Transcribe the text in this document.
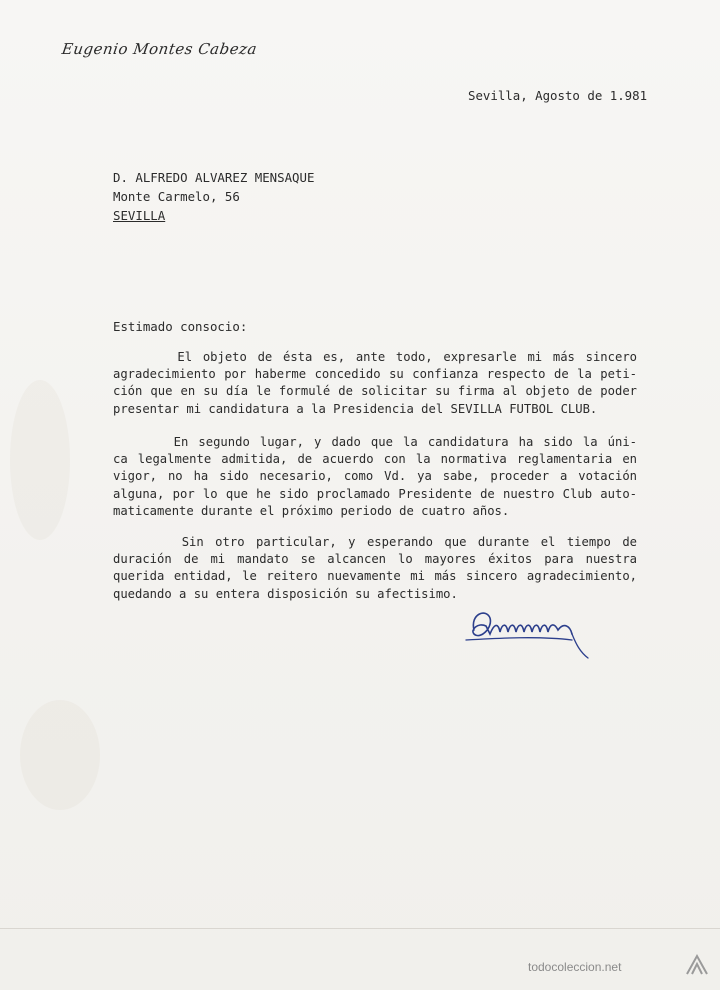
Eugenio Montes Cabeza
Sevilla, Agosto de 1.981
D. ALFREDO ALVAREZ MENSAQUE
Monte Carmelo, 56
SEVILLA
Estimado consocio:
El objeto de ésta es, ante todo, expresarle mi más sincero
agradecimiento por haberme concedido su confianza respecto de la peti-
ción que en su día le formulé de solicitar su firma al objeto de poder
presentar mi candidatura a la Presidencia del SEVILLA FUTBOL CLUB.
En segundo lugar, y dado que la candidatura ha sido la úni-
ca legalmente admitida, de acuerdo con la normativa reglamentaria en
vigor, no ha sido necesario, como Vd. ya sabe, proceder a votación
alguna, por lo que he sido proclamado Presidente de nuestro Club auto-
maticamente durante el próximo periodo de cuatro años.
Sin otro particular, y esperando que durante el tiempo de
duración de mi mandato se alcancen lo mayores éxitos para nuestra
querida entidad, le reitero nuevamente mi más sincero agradecimiento,
quedando a su entera disposición su afectisimo.
todocoleccion.net
